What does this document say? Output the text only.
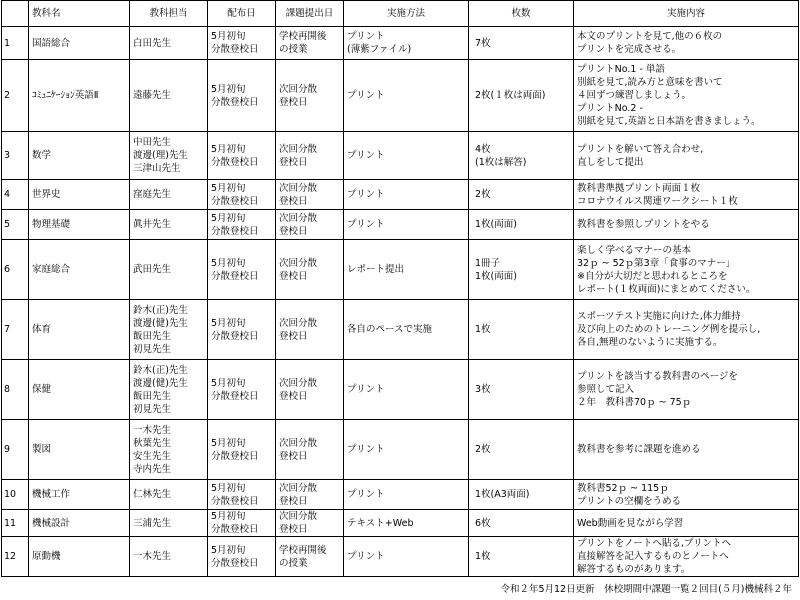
	教科名	教科担当	配布日	課題提出日	実施方法	枚数	実施内容
1	国語総合	白田先生	5月初旬
分散登校日	学校再開後
の授業	プリント
(薄紫ファイル)	7枚	本文のプリントを見て,他の６枚の
プリントを完成させる。
2	ｺﾐｭﾆｹｰｼｮﾝ英語Ⅱ	遠藤先生	5月初旬
分散登校日	次回分散
登校日	プリント	2枚(１枚は両面)	プリントNo.1 - 単語
別紙を見て,読み方と意味を書いて
４回ずつ練習しましょう。
プリントNo.2 -
別紙を見て,英語と日本語を書きましょう。
3	数学	中田先生
渡邊(理)先生
三津山先生	5月初旬
分散登校日	次回分散
登校日	プリント	4枚
(1枚は解答)	プリントを解いて答え合わせ,
直しをして提出
4	世界史	窪庭先生	5月初旬
分散登校日	次回分散
登校日	プリント	2枚	教科書準拠プリント両面１枚
コロナウイルス関連ワークシート１枚
5	物理基礎	眞井先生	5月初旬
分散登校日	次回分散
登校日	プリント	1枚(両面)	教科書を参照しプリントをやる
6	家庭総合	武田先生	5月初旬
分散登校日	次回分散
登校日	レポート提出	1冊子
1枚(両面)	楽しく学べるマナーの基本
32ｐ ~ 52ｐ第3章「食事のマナー」
※自分が大切だと思われるところを
レポート(１枚両面)にまとめてください。
7	体育	鈴木(正)先生
渡邊(健)先生
飯田先生
初見先生	5月初旬
分散登校日	次回分散
登校日	各自のペースで実施	1枚	スポーツテスト実施に向けた,体力維持
及び向上のためのトレーニング例を提示し,
各自,無理のないように実施する。
8	保健	鈴木(正)先生
渡邊(健)先生
飯田先生
初見先生	5月初旬
分散登校日	次回分散
登校日	プリント	3枚	プリントを該当する教科書のページを
参照して記入
２年　教科書70ｐ ~ 75ｐ
9	製図	一木先生
秋葉先生
安生先生
寺内先生	5月初旬
分散登校日	次回分散
登校日	プリント	2枚	教科書を参考に課題を進める
10	機械工作	仁林先生	5月初旬
分散登校日	次回分散
登校日	プリント	1枚(A3両面)	教科書52ｐ ~ 115ｐ
プリントの空欄をうめる
11	機械設計	三浦先生	5月初旬
分散登校日	次回分散
登校日	テキスト+Web	6枚	Web動画を見ながら学習
12	原動機	一木先生	5月初旬
分散登校日	学校再開後
の授業	プリント	1枚	プリントをノートへ貼る,プリントへ
直接解答を記入するものとノートへ
解答するものがあります。
令和２年5月12日更新　休校期間中課題一覧２回目(５月)機械科２年
